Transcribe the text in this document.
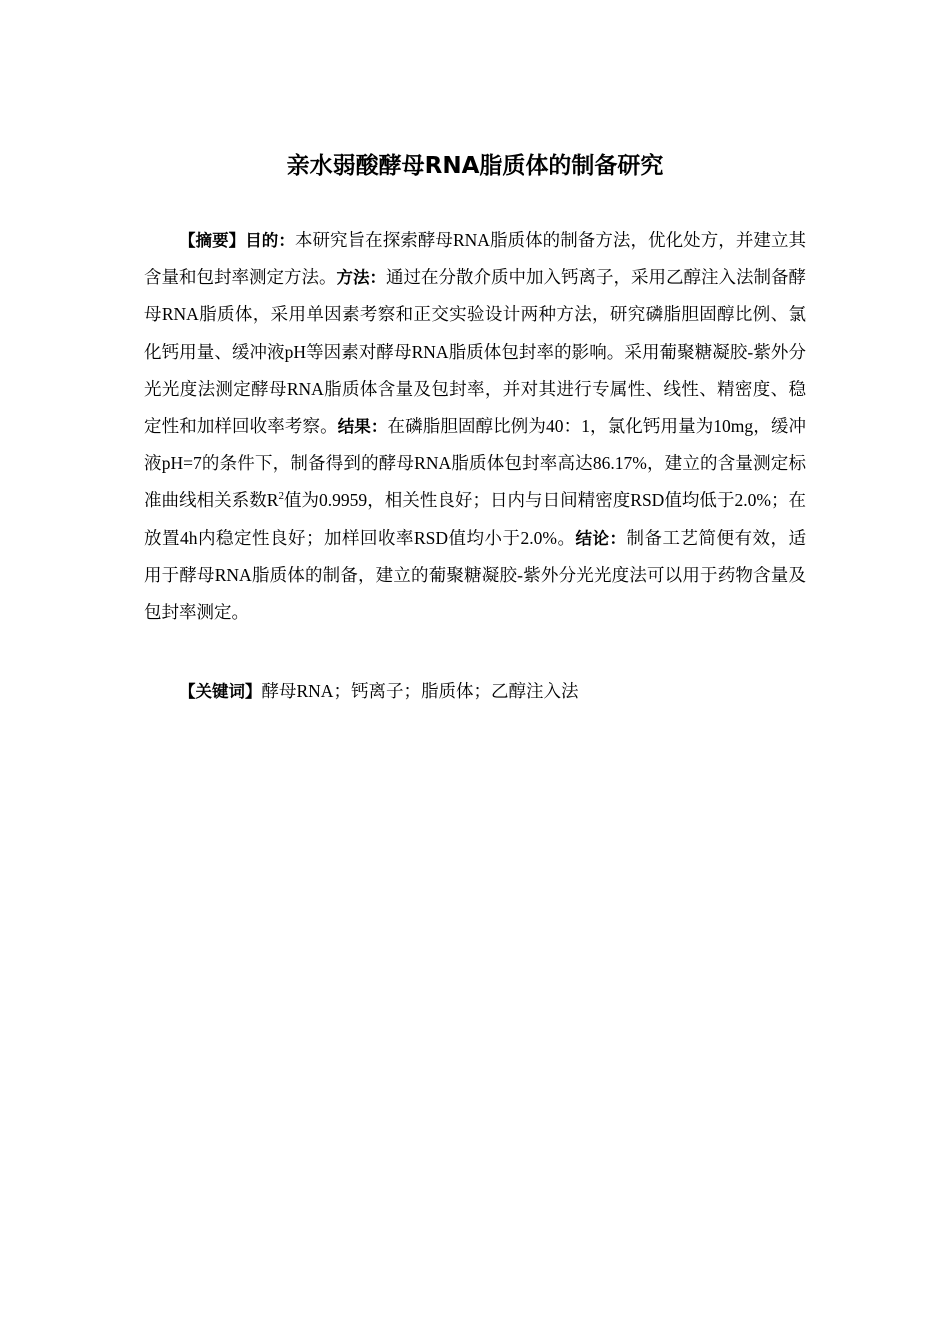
亲水弱酸酵母RNA脂质体的制备研究

【摘要】目的：本研究旨在探索酵母RNA脂质体的制备方法，优化处方，并建立其含量和包封率测定方法。方法：通过在分散介质中加入钙离子，采用乙醇注入法制备酵母RNA脂质体，采用单因素考察和正交实验设计两种方法，研究磷脂胆固醇比例、氯化钙用量、缓冲液pH等因素对酵母RNA脂质体包封率的影响。采用葡聚糖凝胶-紫外分光光度法测定酵母RNA脂质体含量及包封率，并对其进行专属性、线性、精密度、稳定性和加样回收率考察。结果：在磷脂胆固醇比例为40：1，氯化钙用量为10mg，缓冲液pH=7的条件下，制备得到的酵母RNA脂质体包封率高达86.17%，建立的含量测定标准曲线相关系数$R^2$值为0.9959，相关性良好；日内与日间精密度RSD值均低于2.0%；在放置4h内稳定性良好；加样回收率RSD值均小于2.0%。结论：制备工艺简便有效，适用于酵母RNA脂质体的制备，建立的葡聚糖凝胶-紫外分光光度法可以用于药物含量及包封率测定。

【关键词】酵母RNA；钙离子；脂质体；乙醇注入法
